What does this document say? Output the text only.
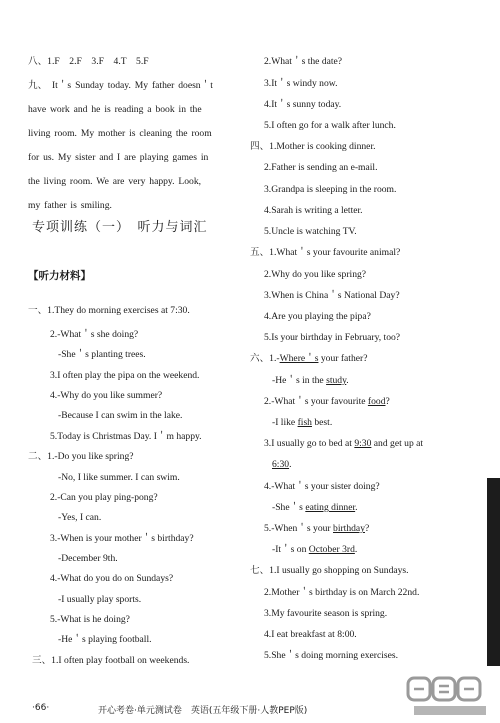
八、1.F　2.F　3.F　4.T　5.F
九、　It＇s Sunday today. My father doesn＇t
have work and he is reading a book in the
living room. My mother is cleaning the room
for us. My sister and I are playing games in
the living room. We are very happy. Look,
my father is smiling.
【听力材料】
一、1.They do morning exercises at 7:30.
2.-What＇s she doing?
-She＇s planting trees.
3.I often play the pipa on the weekend.
4.-Why do you like summer?
-Because I can swim in the lake.
5.Today is Christmas Day. I＇m happy.
二、1.-Do you like spring?
-No, I like summer. I can swim.
2.-Can you play ping-pong?
-Yes, I can.
3.-When is your mother＇s birthday?
-December 9th.
4.-What do you do on Sundays?
-I usually play sports.
5.-What is he doing?
-He＇s playing football.
三、1.I often play football on weekends.
专项训练（一）　听力与词汇
2.What＇s the date?
3.It＇s windy now.
4.It＇s sunny today.
5.I often go for a walk after lunch.
四、1.Mother is cooking dinner.
2.Father is sending an e-mail.
3.Grandpa is sleeping in the room.
4.Sarah is writing a letter.
5.Uncle is watching TV.
五、1.What＇s your favourite animal?
2.Why do you like spring?
3.When is China＇s National Day?
4.Are you playing the pipa?
5.Is your birthday in February, too?
六、1.-Where＇s your father?
-He＇s in the study.
2.-What＇s your favourite food?
-I like fish best.
3.I usually go to bed at 9:30 and get up at
6:30.
4.-What＇s your sister doing?
-She＇s eating dinner.
5.-When＇s your birthday?
-It＇s on October 3rd.
七、1.I usually go shopping on Sundays.
2.Mother＇s birthday is on March 22nd.
3.My favourite season is spring.
4.I eat breakfast at 8:00.
5.She＇s doing morning exercises.
·66·	开心考卷·单元测试卷　英语(五年级下册·人教PEP版)
